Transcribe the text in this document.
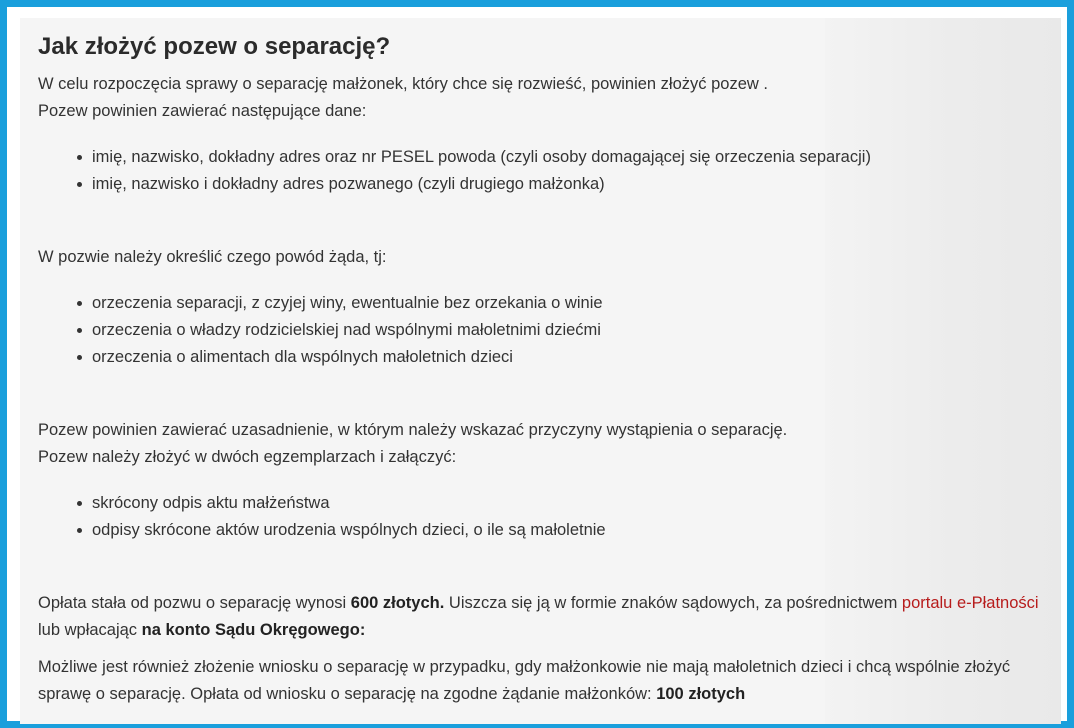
Jak złożyć pozew o separację?

W celu rozpoczęcia sprawy o separację małżonek, który chce się rozwieść, powinien złożyć pozew .

Pozew powinien zawierać następujące dane:

imię, nazwisko, dokładny adres oraz nr PESEL powoda (czyli osoby domagającej się orzeczenia separacji)
imię, nazwisko i dokładny adres pozwanego (czyli drugiego małżonka)

W pozwie należy określić czego powód żąda, tj:

orzeczenia separacji, z czyjej winy, ewentualnie bez orzekania o winie
orzeczenia o władzy rodzicielskiej nad wspólnymi małoletnimi dziećmi
orzeczenia o alimentach dla wspólnych małoletnich dzieci

Pozew powinien zawierać uzasadnienie, w którym należy wskazać przyczyny wystąpienia o separację.

Pozew należy złożyć w dwóch egzemplarzach i załączyć:

skrócony odpis aktu małżeństwa
odpisy skrócone aktów urodzenia wspólnych dzieci, o ile są małoletnie

Opłata stała od pozwu o separację wynosi 600 złotych. Uiszcza się ją w formie znaków sądowych, za pośrednictwem portalu e-Płatności lub wpłacając na konto Sądu Okręgowego:

Możliwe jest również złożenie wniosku o separację w przypadku, gdy małżonkowie nie mają małoletnich dzieci i chcą wspólnie złożyć sprawę o separację. Opłata od wniosku o separację na zgodne żądanie małżonków: 100 złotych
